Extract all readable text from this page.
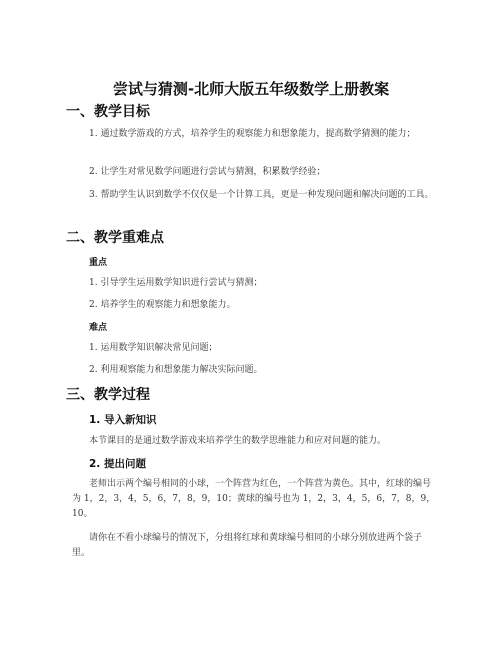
尝试与猜测-北师大版五年级数学上册教案
一、教学目标

1. 通过数学游戏的方式，培养学生的观察能力和想象能力，提高数学猜测的能力；

2. 让学生对常见数学问题进行尝试与猜测，积累数学经验；

3. 帮助学生认识到数学不仅仅是一个计算工具，更是一种发现问题和解决问题的工具。

二、教学重难点
重点

1. 引导学生运用数学知识进行尝试与猜测；

2. 培养学生的观察能力和想象能力。

难点

1. 运用数学知识解决常见问题；

2. 利用观察能力和想象能力解决实际问题。

三、教学过程
1. 导入新知识

本节课目的是通过数学游戏来培养学生的数学思维能力和应对问题的能力。

2. 提出问题

老师出示两个编号相同的小球，一个阵营为红色，一个阵营为黄色。其中，红球的编号为 1，2，3，4，5，6，7，8，9，10；黄球的编号也为 1，2，3，4，5，6，7，8，9，10。

请你在不看小球编号的情况下，分组将红球和黄球编号相同的小球分别放进两个袋子里。
